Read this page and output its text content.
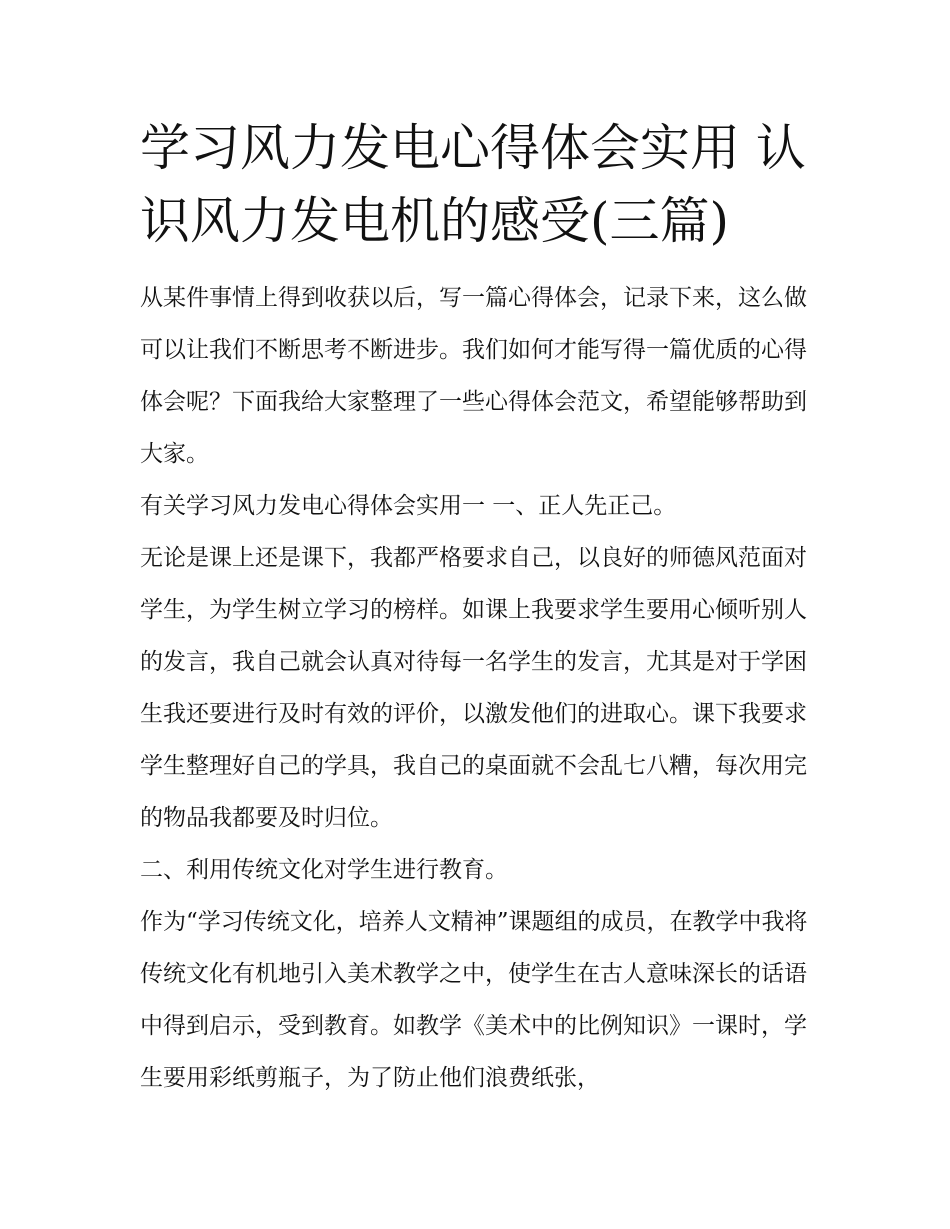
学习风力发电心得体会实用 认识风力发电机的感受(三篇)

从某件事情上得到收获以后，写一篇心得体会，记录下来，这么做可以让我们不断思考不断进步。我们如何才能写得一篇优质的心得体会呢？下面我给大家整理了一些心得体会范文，希望能够帮助到大家。

有关学习风力发电心得体会实用一 一、正人先正己。

无论是课上还是课下，我都严格要求自己，以良好的师德风范面对学生，为学生树立学习的榜样。如课上我要求学生要用心倾听别人的发言，我自己就会认真对待每一名学生的发言，尤其是对于学困生我还要进行及时有效的评价，以激发他们的进取心。课下我要求学生整理好自己的学具，我自己的桌面就不会乱七八糟，每次用完的物品我都要及时归位。

二、利用传统文化对学生进行教育。

作为“学习传统文化，培养人文精神”课题组的成员，在教学中我将传统文化有机地引入美术教学之中，使学生在古人意味深长的话语中得到启示，受到教育。如教学《美术中的比例知识》一课时，学生要用彩纸剪瓶子，为了防止他们浪费纸张，
